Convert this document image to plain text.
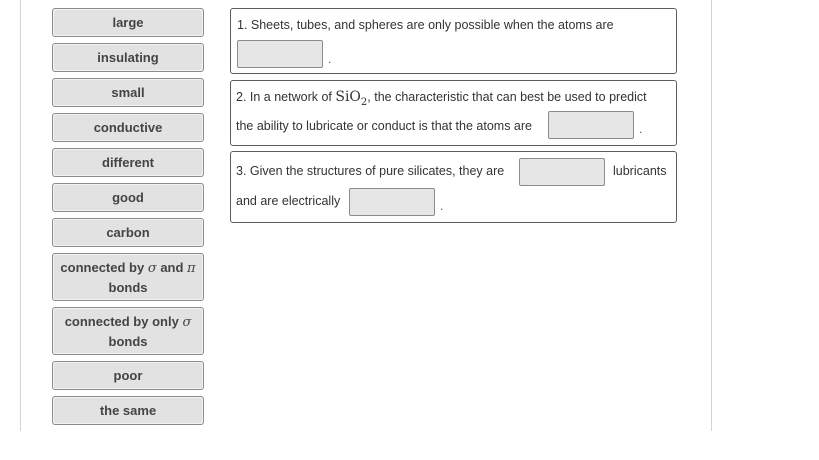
large
insulating
small
conductive
different
good
carbon
connected by σ and π
bonds
connected by only σ
bonds
poor
the same
1. Sheets, tubes, and spheres are only possible when the atoms are
.
2. In a network of SiO$_2$, the characteristic that can best be used to predict
the ability to lubricate or conduct is that the atoms are	.
3. Given the structures of pure silicates, they are	lubricants
and are electrically	.
